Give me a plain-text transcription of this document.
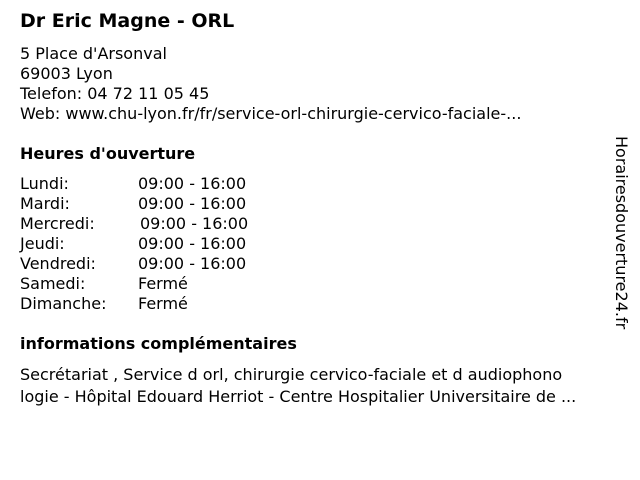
Dr Eric Magne - ORL
5 Place d'Arsonval
69003 Lyon
Telefon: 04 72 11 05 45
Web: www.chu-lyon.fr/fr/service-orl-chirurgie-cervico-faciale-...
Heures d'ouverture
Lundi:	09:00 - 16:00
Mardi:	09:00 - 16:00
Mercredi:	09:00 - 16:00
Jeudi:	09:00 - 16:00
Vendredi:	09:00 - 16:00
Samedi:	Fermé
Dimanche: Fermé
informations complémentaires
Secrétariat , Service d orl, chirurgie cervico-faciale et d audiophono
logie - Hôpital Edouard Herriot - Centre Hospitalier Universitaire de ...
Horairesdouverture24.fr
